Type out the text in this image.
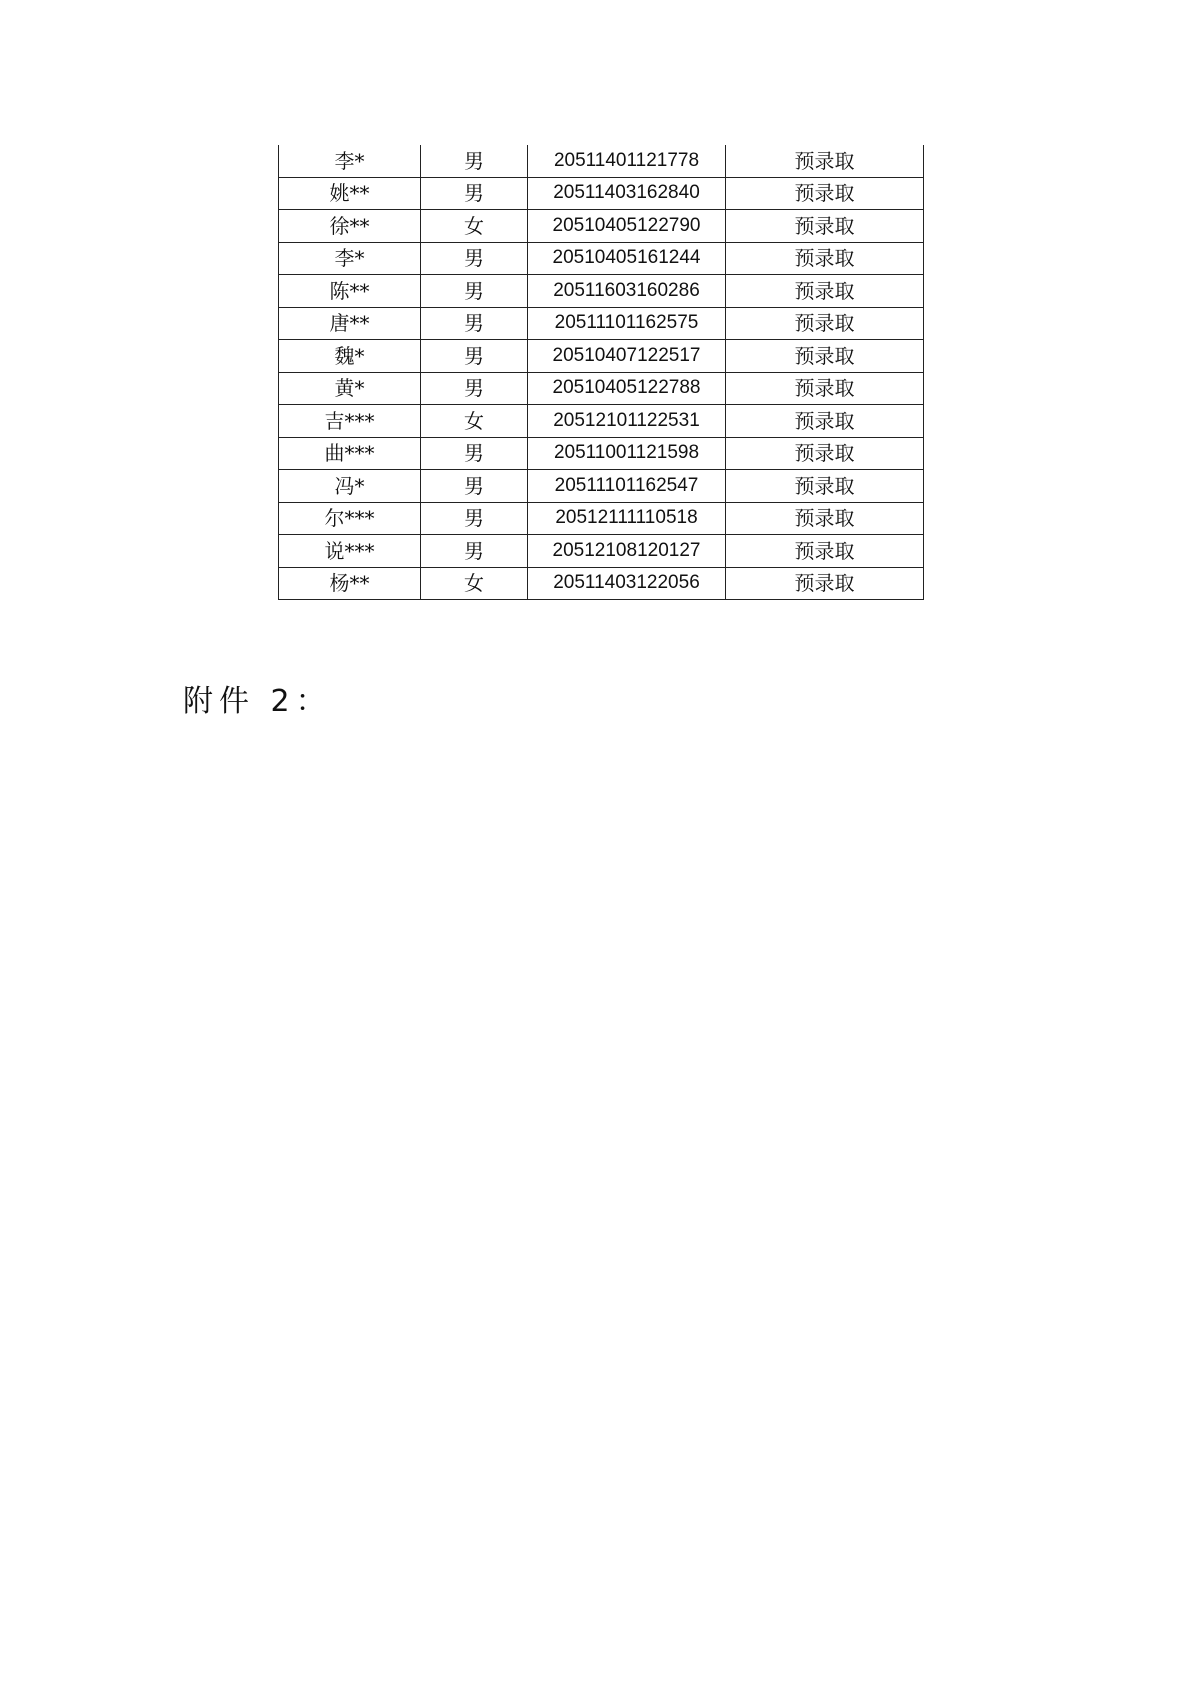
李*	男	20511401121778	预录取
姚**	男	20511403162840	预录取
徐**	女	20510405122790	预录取
李*	男	20510405161244	预录取
陈**	男	20511603160286	预录取
唐**	男	20511101162575	预录取
魏*	男	20510407122517	预录取
黄*	男	20510405122788	预录取
吉***	女	20512101122531	预录取
曲***	男	20511001121598	预录取
冯*	男	20511101162547	预录取
尔***	男	20512111110518	预录取
说***	男	20512108120127	预录取
杨**	女	20511403122056	预录取
附件 2：
